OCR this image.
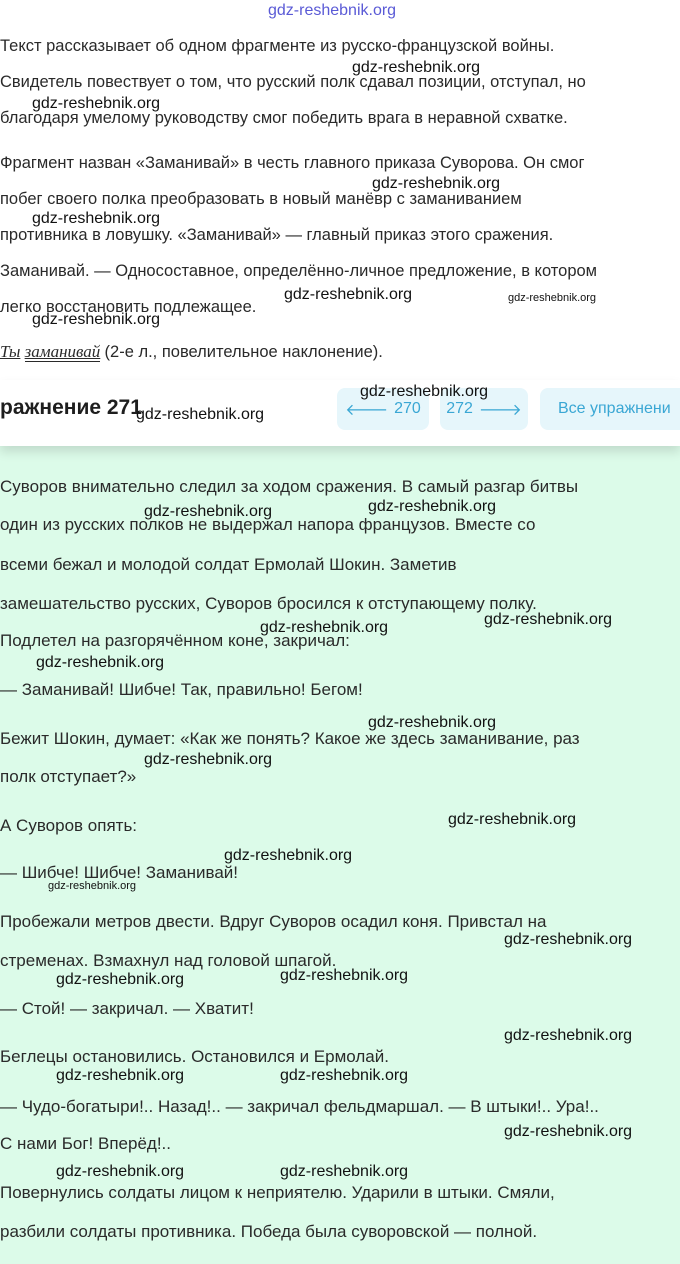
gdz-reshebnik.org
Текст рассказывает об одном фрагменте из русско-французской войны.
Свидетель повествует о том, что русский полк сдавал позиции, отступал, но
благодаря умелому руководству смог победить врага в неравной схватке.
Фрагмент назван «Заманивай» в честь главного приказа Суворова. Он смог
побег своего полка преобразовать в новый манёвр с заманиванием
противника в ловушку. «Заманивай» — главный приказ этого сражения.
Заманивай. — Односоставное, определённо-личное предложение, в котором
легко восстановить подлежащее.
Ты заманивай (2-е л., повелительное наклонение).
ражнение 271	🡐 270 272 🡒 Все упражнени
Суворов внимательно следил за ходом сражения. В самый разгар битвы
один из русских полков не выдержал напора французов. Вместе со
всеми бежал и молодой солдат Ермолай Шокин. Заметив
замешательство русских, Суворов бросился к отступающему полку.
Подлетел на разгорячённом коне, закричал:
— Заманивай! Шибче! Так, правильно! Бегом!
Бежит Шокин, думает: «Как же понять? Какое же здесь заманивание, раз
полк отступает?»
А Суворов опять:
— Шибче! Шибче! Заманивай!
Пробежали метров двести. Вдруг Суворов осадил коня. Привстал на
стременах. Взмахнул над головой шпагой.
— Стой! — закричал. — Хватит!
Беглецы остановились. Остановился и Ермолай.
— Чудо-богатыри!.. Назад!.. — закричал фельдмаршал. — В штыки!.. Ура!..
С нами Бог! Вперёд!..
Повернулись солдаты лицом к неприятелю. Ударили в штыки. Смяли,
разбили солдаты противника. Победа была суворовской — полной.
gdz-reshebnik.org
gdz-reshebnik.org
gdz-reshebnik.org
gdz-reshebnik.org
gdz-reshebnik.org	gdz-reshebnik.org
gdz-reshebnik.org
gdz-reshebnik.org
gdz-reshebnik.org
gdz-reshebnik.org	gdz-reshebnik.org
gdz-reshebnik.org
gdz-reshebnik.org
gdz-reshebnik.org
gdz-reshebnik.org
gdz-reshebnik.org
gdz-reshebnik.org
gdz-reshebnik.org
gdz-reshebnik.org
gdz-reshebnik.org
gdz-reshebnik.org	gdz-reshebnik.org
gdz-reshebnik.org
gdz-reshebnik.org	gdz-reshebnik.org
gdz-reshebnik.org
gdz-reshebnik.org	gdz-reshebnik.org
